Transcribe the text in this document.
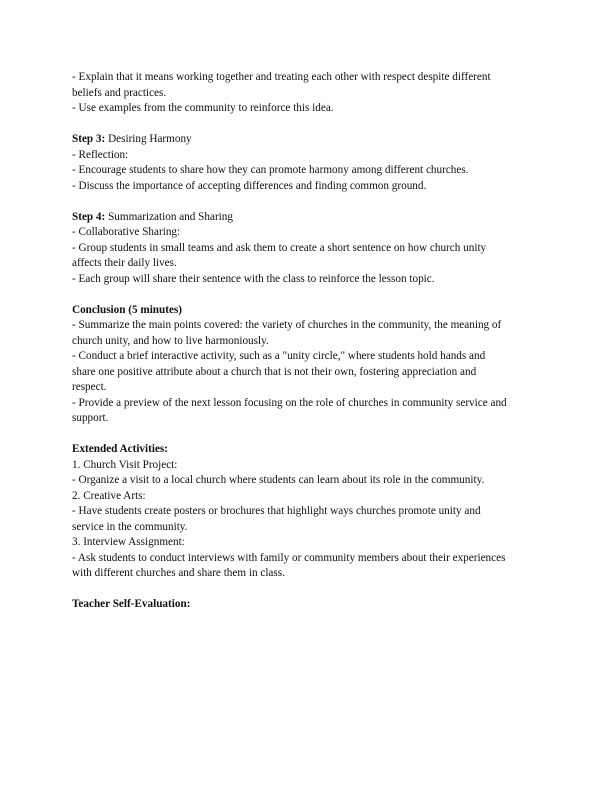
- Explain that it means working together and treating each other with respect despite different
beliefs and practices.
- Use examples from the community to reinforce this idea.
Step 3: Desiring Harmony
- Reflection:
- Encourage students to share how they can promote harmony among different churches.
- Discuss the importance of accepting differences and finding common ground.
Step 4: Summarization and Sharing
- Collaborative Sharing:
- Group students in small teams and ask them to create a short sentence on how church unity
affects their daily lives.
- Each group will share their sentence with the class to reinforce the lesson topic.
Conclusion (5 minutes)
- Summarize the main points covered: the variety of churches in the community, the meaning of
church unity, and how to live harmoniously.
- Conduct a brief interactive activity, such as a "unity circle," where students hold hands and
share one positive attribute about a church that is not their own, fostering appreciation and
respect.
- Provide a preview of the next lesson focusing on the role of churches in community service and
support.
Extended Activities:
1. Church Visit Project:
- Organize a visit to a local church where students can learn about its role in the community.
2. Creative Arts:
- Have students create posters or brochures that highlight ways churches promote unity and
service in the community.
3. Interview Assignment:
- Ask students to conduct interviews with family or community members about their experiences
with different churches and share them in class.
Teacher Self-Evaluation:
